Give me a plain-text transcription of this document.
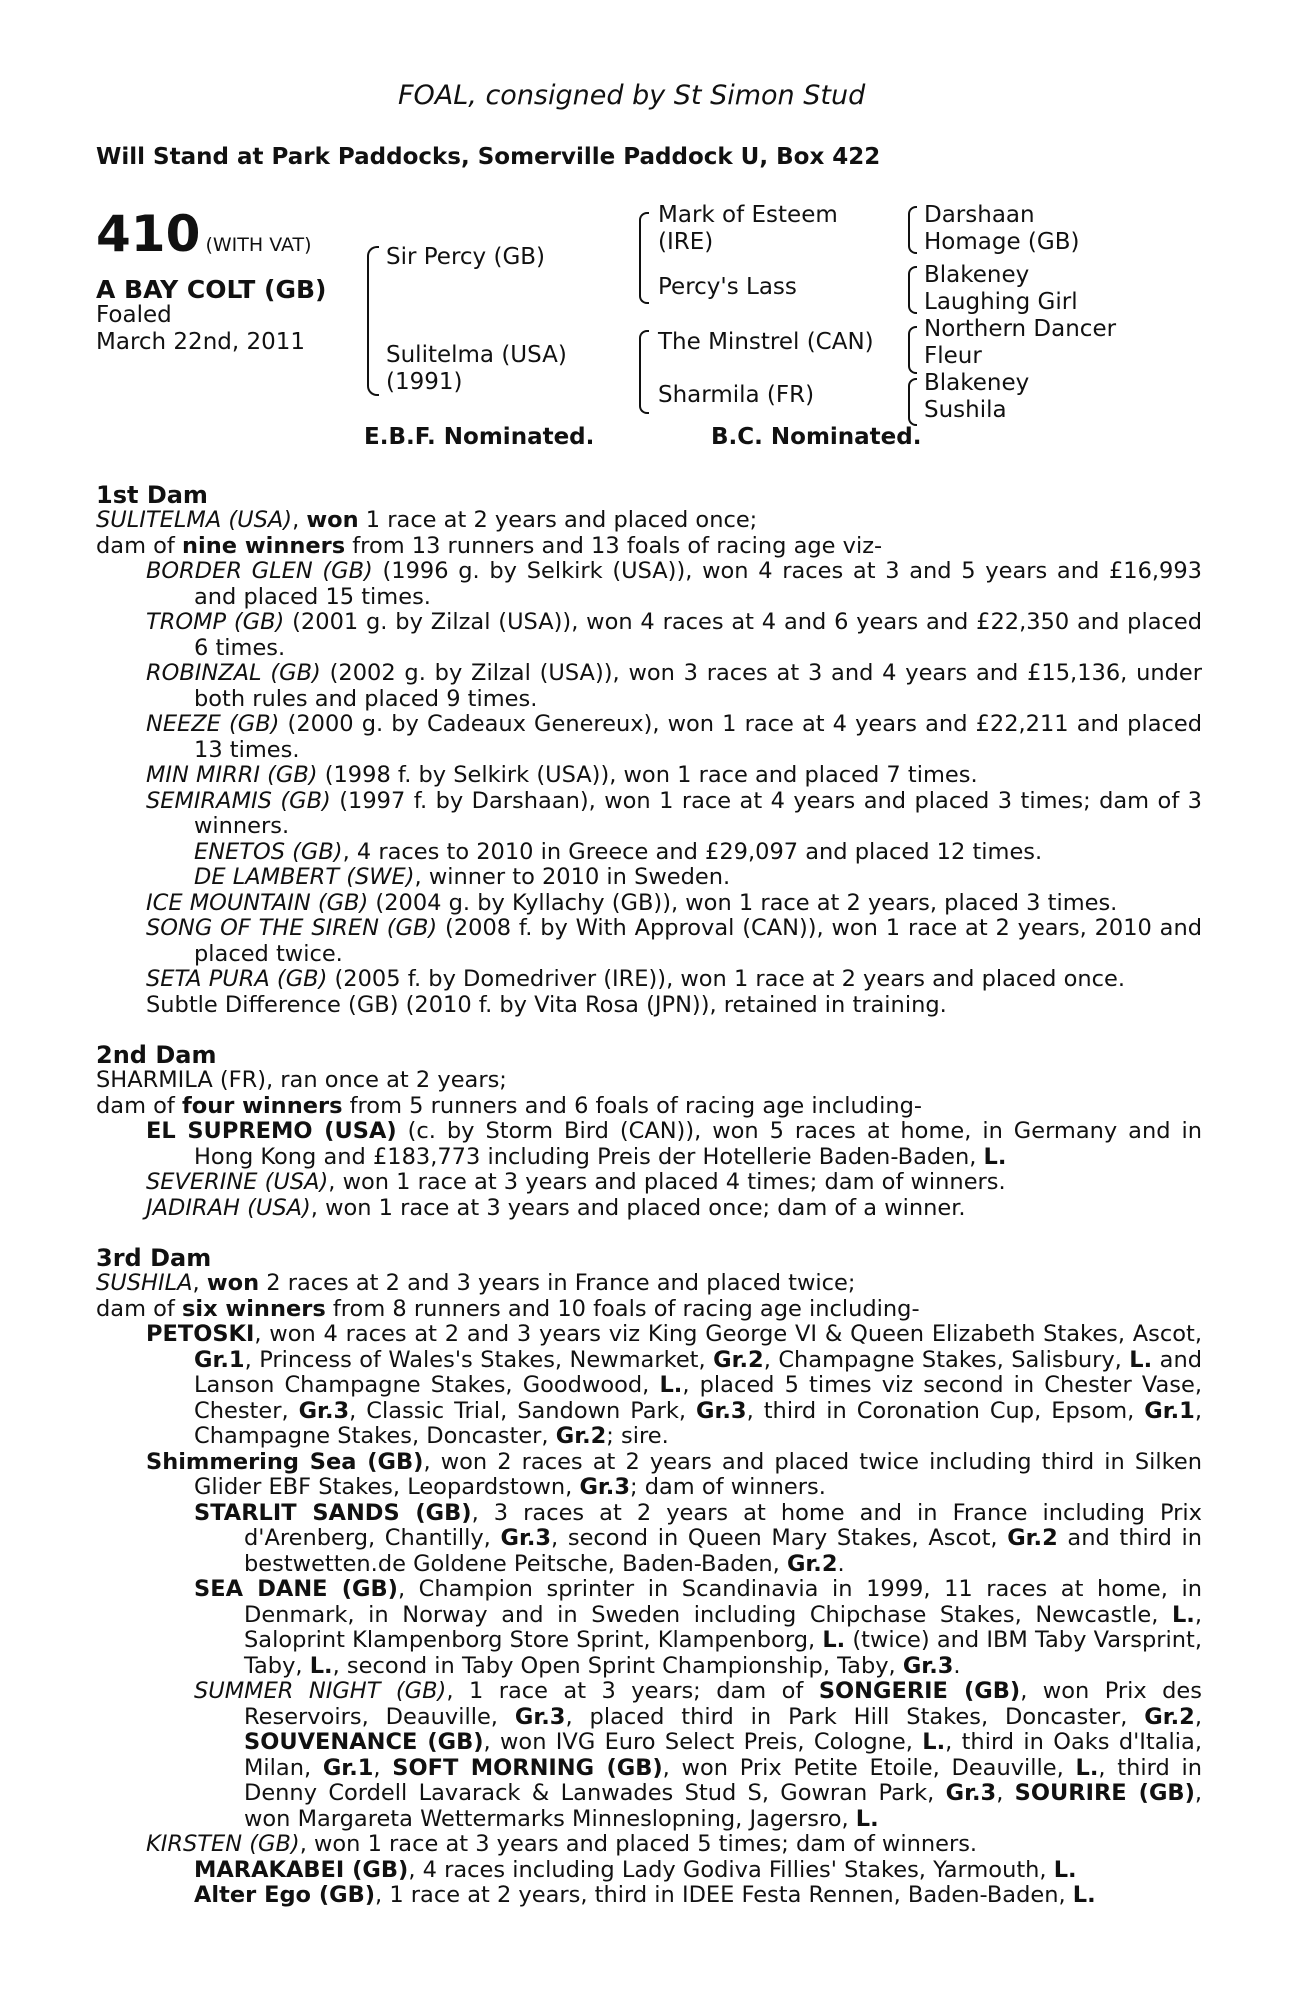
FOAL, consigned by St Simon Stud
Will Stand at Park Paddocks, Somerville Paddock U, Box 422
410 (WITH VAT)
A BAY COLT (GB)
Foaled
March 22nd, 2011
Sir Percy (GB)
Sulitelma (USA)
(1991)
Mark of Esteem
(IRE)
Percy's Lass
The Minstrel (CAN)
Sharmila (FR)
Darshaan
Homage (GB)
Blakeney
Laughing Girl
Northern Dancer
Fleur
Blakeney
Sushila
E.B.F. Nominated.	B.C. Nominated.
1st Dam
SULITELMA (USA), won 1 race at 2 years and placed once;
dam of nine winners from 13 runners and 13 foals of racing age viz-
BORDER GLEN (GB) (1996 g. by Selkirk (USA)), won 4 races at 3 and 5 years and £16,993 and placed 15 times.
TROMP (GB) (2001 g. by Zilzal (USA)), won 4 races at 4 and 6 years and £22,350 and placed 6 times.
ROBINZAL (GB) (2002 g. by Zilzal (USA)), won 3 races at 3 and 4 years and £15,136, under both rules and placed 9 times.
NEEZE (GB) (2000 g. by Cadeaux Genereux), won 1 race at 4 years and £22,211 and placed 13 times.
MIN MIRRI (GB) (1998 f. by Selkirk (USA)), won 1 race and placed 7 times.
SEMIRAMIS (GB) (1997 f. by Darshaan), won 1 race at 4 years and placed 3 times; dam of 3 winners.
ENETOS (GB), 4 races to 2010 in Greece and £29,097 and placed 12 times.
DE LAMBERT (SWE), winner to 2010 in Sweden.
ICE MOUNTAIN (GB) (2004 g. by Kyllachy (GB)), won 1 race at 2 years, placed 3 times.
SONG OF THE SIREN (GB) (2008 f. by With Approval (CAN)), won 1 race at 2 years, 2010 and placed twice.
SETA PURA (GB) (2005 f. by Domedriver (IRE)), won 1 race at 2 years and placed once.
Subtle Difference (GB) (2010 f. by Vita Rosa (JPN)), retained in training.
2nd Dam
SHARMILA (FR), ran once at 2 years;
dam of four winners from 5 runners and 6 foals of racing age including-
EL SUPREMO (USA) (c. by Storm Bird (CAN)), won 5 races at home, in Germany and in Hong Kong and £183,773 including Preis der Hotellerie Baden-Baden, L.
SEVERINE (USA), won 1 race at 3 years and placed 4 times; dam of winners.
JADIRAH (USA), won 1 race at 3 years and placed once; dam of a winner.
3rd Dam
SUSHILA, won 2 races at 2 and 3 years in France and placed twice;
dam of six winners from 8 runners and 10 foals of racing age including-
PETOSKI, won 4 races at 2 and 3 years viz King George VI & Queen Elizabeth Stakes, Ascot, Gr.1, Princess of Wales's Stakes, Newmarket, Gr.2, Champagne Stakes, Salisbury, L. and Lanson Champagne Stakes, Goodwood, L., placed 5 times viz second in Chester Vase, Chester, Gr.3, Classic Trial, Sandown Park, Gr.3, third in Coronation Cup, Epsom, Gr.1, Champagne Stakes, Doncaster, Gr.2; sire.
Shimmering Sea (GB), won 2 races at 2 years and placed twice including third in Silken Glider EBF Stakes, Leopardstown, Gr.3; dam of winners.
STARLIT SANDS (GB), 3 races at 2 years at home and in France including Prix d'Arenberg, Chantilly, Gr.3, second in Queen Mary Stakes, Ascot, Gr.2 and third in bestwetten.de Goldene Peitsche, Baden-Baden, Gr.2.
SEA DANE (GB), Champion sprinter in Scandinavia in 1999, 11 races at home, in Denmark, in Norway and in Sweden including Chipchase Stakes, Newcastle, L., Saloprint Klampenborg Store Sprint, Klampenborg, L. (twice) and IBM Taby Varsprint, Taby, L., second in Taby Open Sprint Championship, Taby, Gr.3.
SUMMER NIGHT (GB), 1 race at 3 years; dam of SONGERIE (GB), won Prix des Reservoirs, Deauville, Gr.3, placed third in Park Hill Stakes, Doncaster, Gr.2, SOUVENANCE (GB), won IVG Euro Select Preis, Cologne, L., third in Oaks d'Italia, Milan, Gr.1, SOFT MORNING (GB), won Prix Petite Etoile, Deauville, L., third in Denny Cordell Lavarack & Lanwades Stud S, Gowran Park, Gr.3, SOURIRE (GB), won Margareta Wettermarks Minneslopning, Jagersro, L.
KIRSTEN (GB), won 1 race at 3 years and placed 5 times; dam of winners.
MARAKABEI (GB), 4 races including Lady Godiva Fillies' Stakes, Yarmouth, L.
Alter Ego (GB), 1 race at 2 years, third in IDEE Festa Rennen, Baden-Baden, L.
